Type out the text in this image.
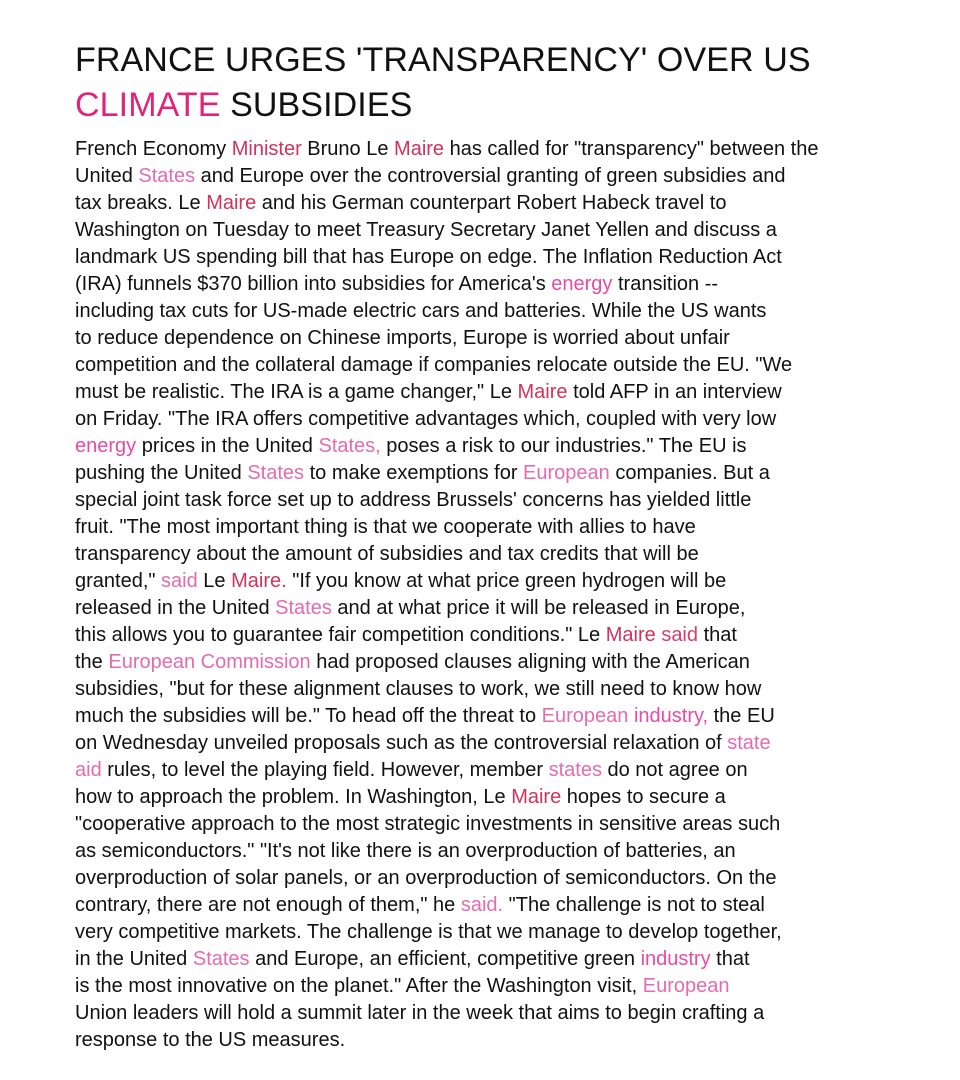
FRANCE URGES 'TRANSPARENCY' OVER US
CLIMATE SUBSIDIES

French Economy Minister Bruno Le Maire has called for "transparency" between the
United States and Europe over the controversial granting of green subsidies and
tax breaks. Le Maire and his German counterpart Robert Habeck travel to
Washington on Tuesday to meet Treasury Secretary Janet Yellen and discuss a
landmark US spending bill that has Europe on edge. The Inflation Reduction Act
(IRA) funnels $370 billion into subsidies for America's energy transition --
including tax cuts for US-made electric cars and batteries. While the US wants
to reduce dependence on Chinese imports, Europe is worried about unfair
competition and the collateral damage if companies relocate outside the EU. "We
must be realistic. The IRA is a game changer," Le Maire told AFP in an interview
on Friday. "The IRA offers competitive advantages which, coupled with very low
energy prices in the United States, poses a risk to our industries." The EU is
pushing the United States to make exemptions for European companies. But a
special joint task force set up to address Brussels' concerns has yielded little
fruit. "The most important thing is that we cooperate with allies to have
transparency about the amount of subsidies and tax credits that will be
granted," said Le Maire. "If you know at what price green hydrogen will be
released in the United States and at what price it will be released in Europe,
this allows you to guarantee fair competition conditions." Le Maire said that
the European Commission had proposed clauses aligning with the American
subsidies, "but for these alignment clauses to work, we still need to know how
much the subsidies will be." To head off the threat to European industry, the EU
on Wednesday unveiled proposals such as the controversial relaxation of state
aid rules, to level the playing field. However, member states do not agree on
how to approach the problem. In Washington, Le Maire hopes to secure a
"cooperative approach to the most strategic investments in sensitive areas such
as semiconductors." "It's not like there is an overproduction of batteries, an
overproduction of solar panels, or an overproduction of semiconductors. On the
contrary, there are not enough of them," he said. "The challenge is not to steal
very competitive markets. The challenge is that we manage to develop together,
in the United States and Europe, an efficient, competitive green industry that
is the most innovative on the planet." After the Washington visit, European
Union leaders will hold a summit later in the week that aims to begin crafting a
response to the US measures.
